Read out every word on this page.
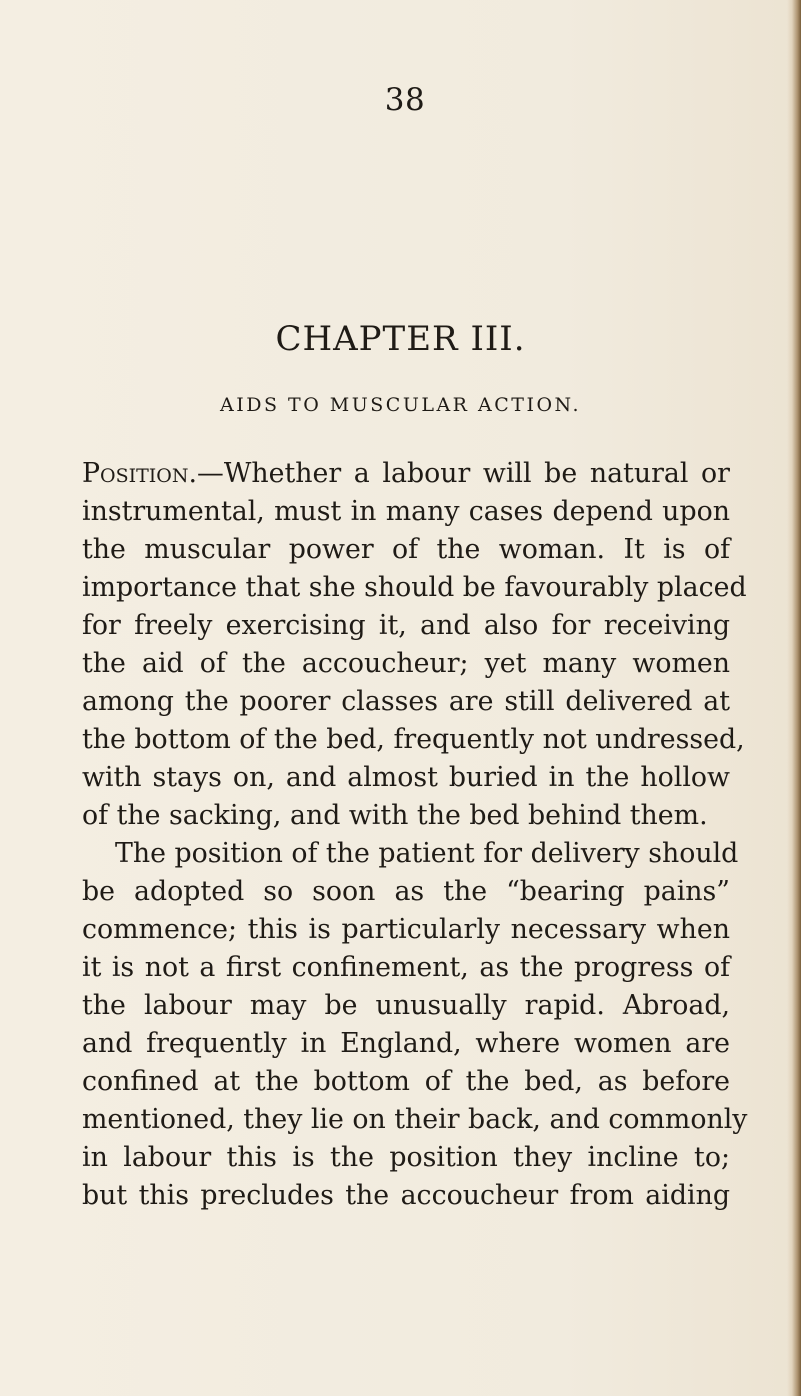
38
CHAPTER III.
AIDS TO MUSCULAR ACTION.
Position.—Whether a labour will be natural or
instrumental, must in many cases depend upon
the muscular power of the woman. It is of
importance that she should be favourably placed
for freely exercising it, and also for receiving
the aid of the accoucheur; yet many women
among the poorer classes are still delivered at
the bottom of the bed, frequently not undressed,
with stays on, and almost buried in the hollow
of the sacking, and with the bed behind them.
The position of the patient for delivery should
be adopted so soon as the “bearing pains”
commence; this is particularly necessary when
it is not a first confinement, as the progress of
the labour may be unusually rapid. Abroad,
and frequently in England, where women are
confined at the bottom of the bed, as before
mentioned, they lie on their back, and commonly
in labour this is the position they incline to;
but this precludes the accoucheur from aiding
